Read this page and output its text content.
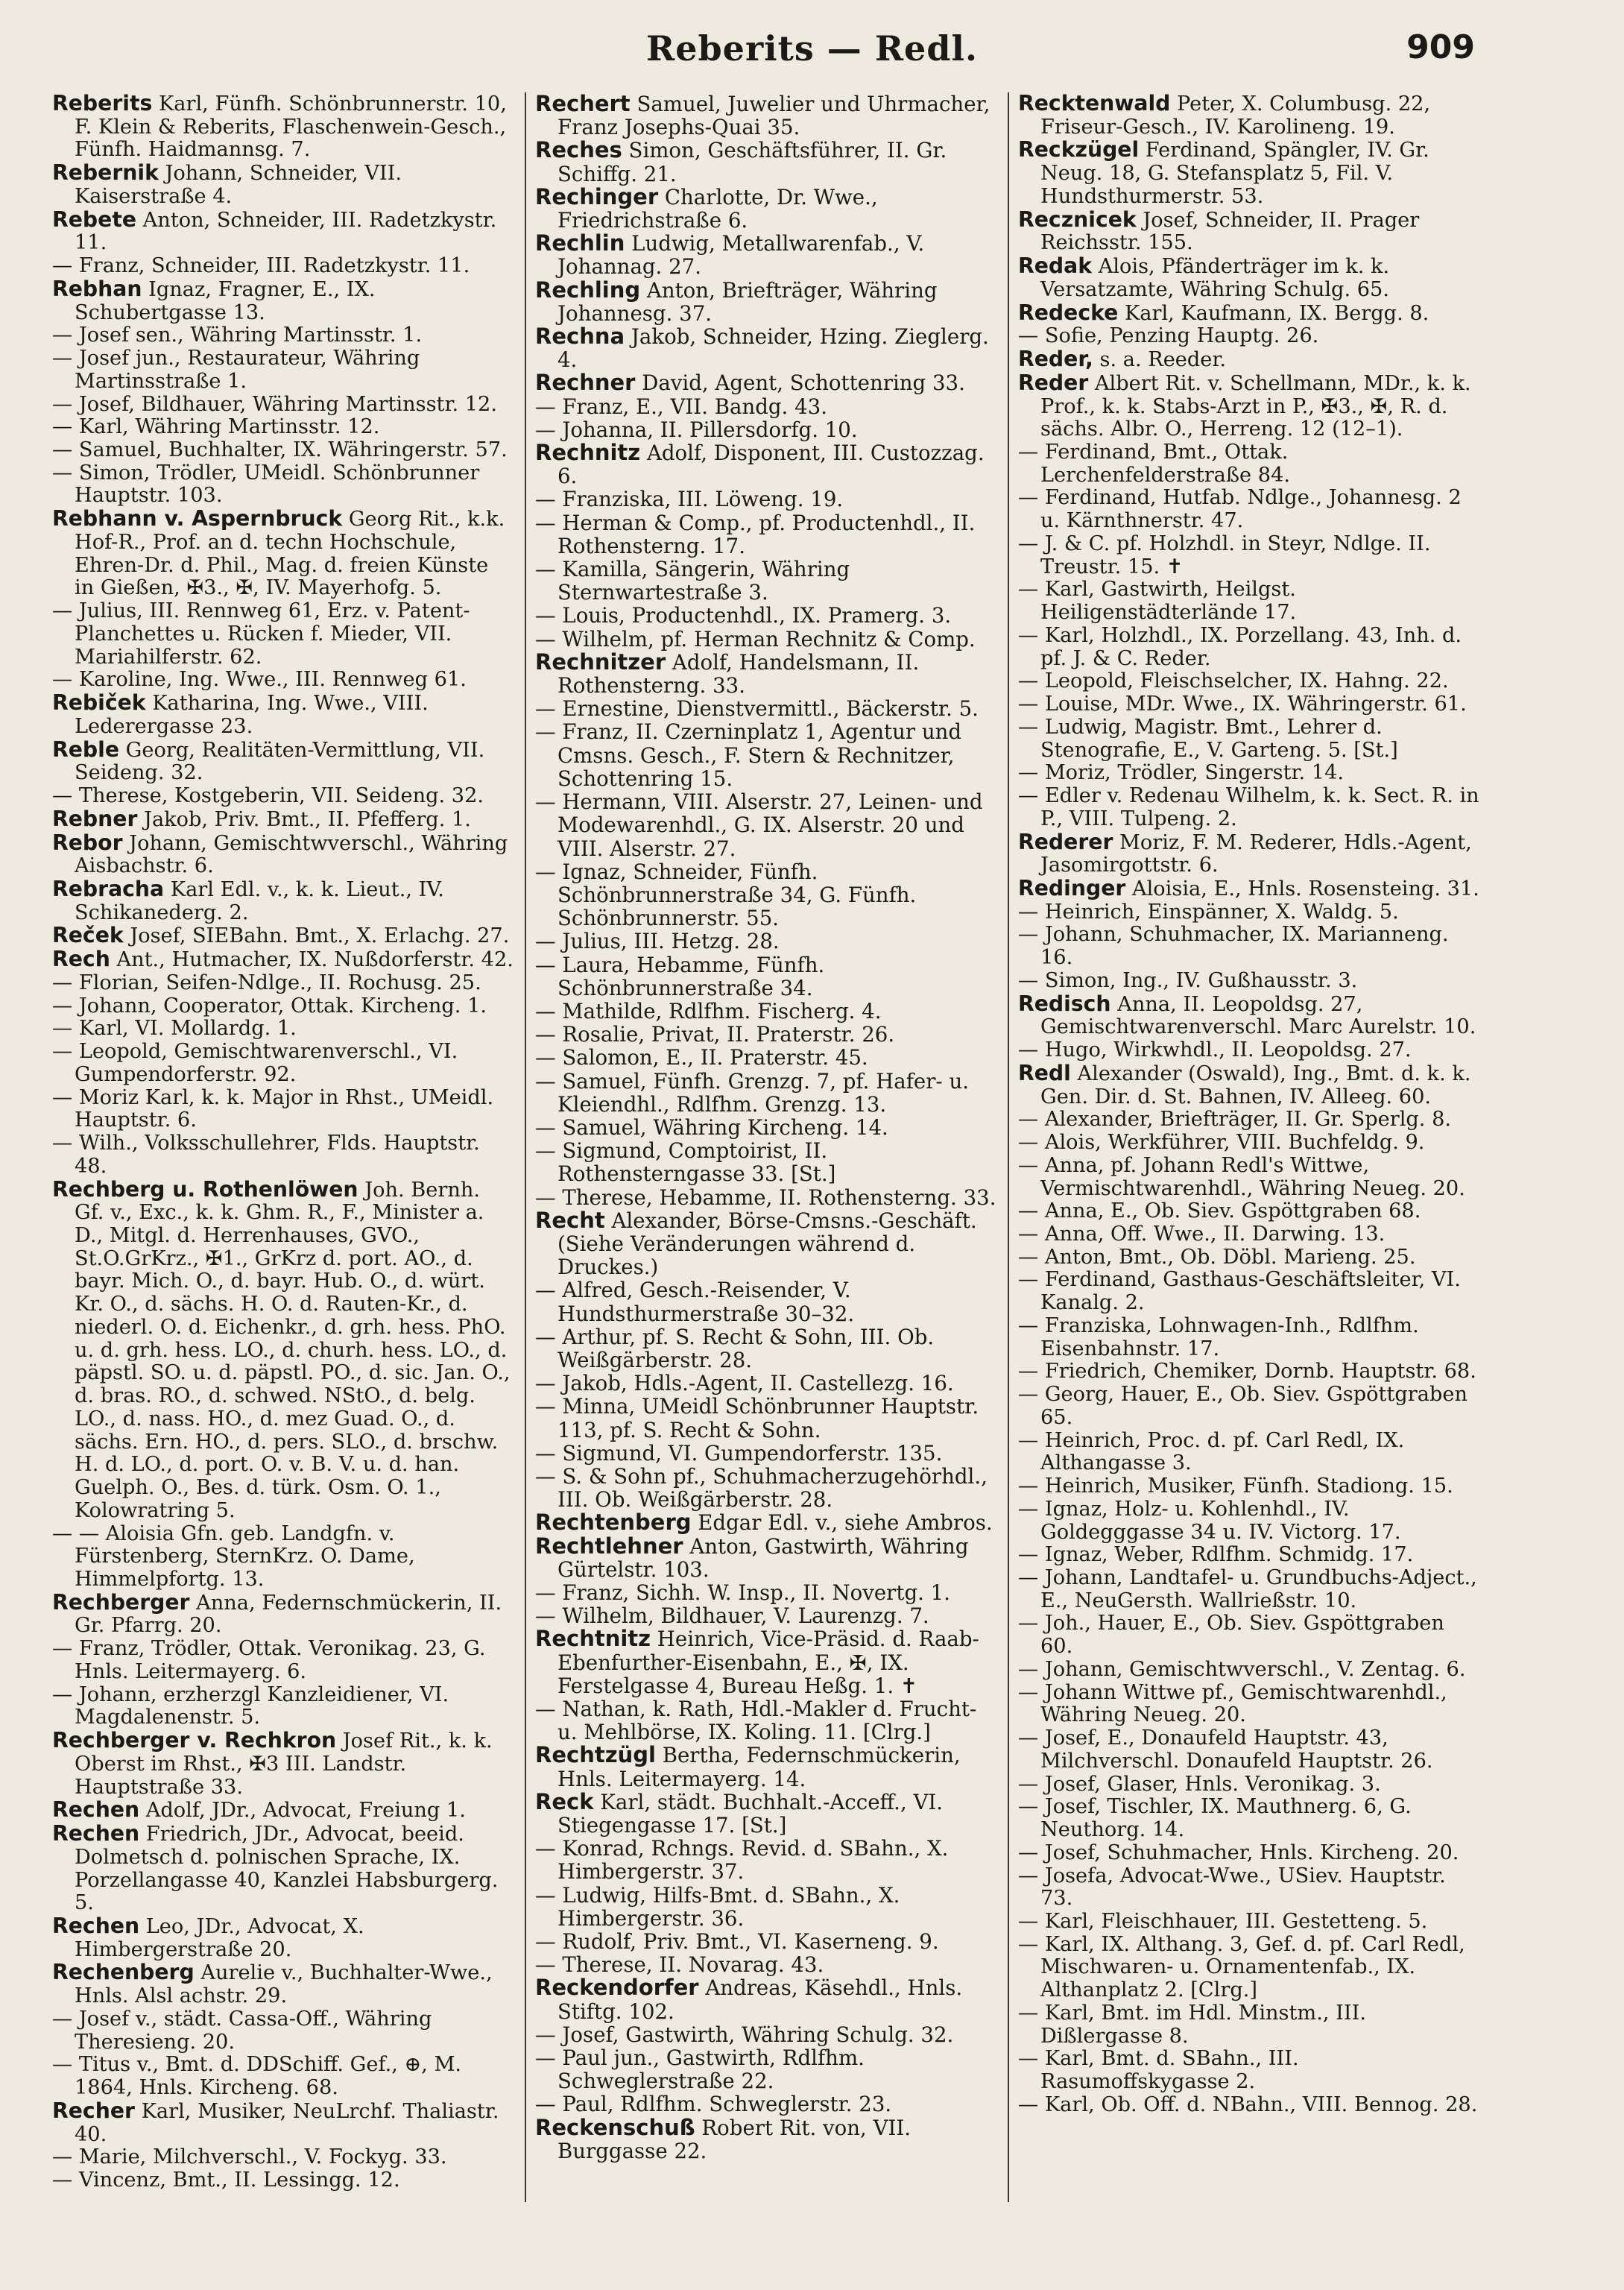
Reberits — Redl.	909

Reberits Karl, Fünfh. Schönbrunnerstr. 10, F. Klein & Reberits, Flaschenwein-Gesch., Fünfh. Haidmannsg. 7.

Rebernik Johann, Schneider, VII. Kaiserstraße 4.

Rebete Anton, Schneider, III. Radetzkystr. 11.

— Franz, Schneider, III. Radetzkystr. 11.

Rebhan Ignaz, Fragner, E., IX. Schubertgasse 13.

— Josef sen., Währing Martinsstr. 1.

— Josef jun., Restaurateur, Währing Martinsstraße 1.

— Josef, Bildhauer, Währing Martinsstr. 12.

— Karl, Währing Martinsstr. 12.

— Samuel, Buchhalter, IX. Währingerstr. 57.

— Simon, Trödler, UMeidl. Schönbrunner Hauptstr. 103.

Rebhann v. Aspernbruck Georg Rit., k.k. Hof-R., Prof. an d. techn Hochschule, Ehren-Dr. d. Phil., Mag. d. freien Künste in Gießen, ✠3., ✠, IV. Mayerhofg. 5.

— Julius, III. Rennweg 61, Erz. v. Patent-Planchettes u. Rücken f. Mieder, VII. Mariahilferstr. 62.

— Karoline, Ing. Wwe., III. Rennweg 61.

Rebiček Katharina, Ing. Wwe., VIII. Lederergasse 23.

Reble Georg, Realitäten-Vermittlung, VII. Seideng. 32.

— Therese, Kostgeberin, VII. Seideng. 32.

Rebner Jakob, Priv. Bmt., II. Pfefferg. 1.

Rebor Johann, Gemischtwverschl., Währing Aisbachstr. 6.

Rebracha Karl Edl. v., k. k. Lieut., IV. Schikanederg. 2.

Reček Josef, SIEBahn. Bmt., X. Erlachg. 27.

Rech Ant., Hutmacher, IX. Nußdorferstr. 42.

— Florian, Seifen-Ndlge., II. Rochusg. 25.

— Johann, Cooperator, Ottak. Kircheng. 1.

— Karl, VI. Mollardg. 1.

— Leopold, Gemischtwarenverschl., VI. Gumpendorferstr. 92.

— Moriz Karl, k. k. Major in Rhst., UMeidl. Hauptstr. 6.

— Wilh., Volksschullehrer, Flds. Hauptstr. 48.

Rechberg u. Rothenlöwen Joh. Bernh. Gf. v., Exc., k. k. Ghm. R., F., Minister a. D., Mitgl. d. Herrenhauses, GVO., St.O.GrKrz., ✠1., GrKrz d. port. AO., d. bayr. Mich. O., d. bayr. Hub. O., d. würt. Kr. O., d. sächs. H. O. d. Rauten-Kr., d. niederl. O. d. Eichenkr., d. grh. hess. PhO. u. d. grh. hess. LO., d. churh. hess. LO., d. päpstl. SO. u. d. päpstl. PO., d. sic. Jan. O., d. bras. RO., d. schwed. NStO., d. belg. LO., d. nass. HO., d. mez Guad. O., d. sächs. Ern. HO., d. pers. SLO., d. brschw. H. d. LO., d. port. O. v. B. V. u. d. han. Guelph. O., Bes. d. türk. Osm. O. 1., Kolowratring 5.

— — Aloisia Gfn. geb. Landgfn. v. Fürstenberg, SternKrz. O. Dame, Himmelpfortg. 13.

Rechberger Anna, Federnschmückerin, II. Gr. Pfarrg. 20.

— Franz, Trödler, Ottak. Veronikag. 23, G. Hnls. Leitermayerg. 6.

— Johann, erzherzgl Kanzleidiener, VI. Magdalenenstr. 5.

Rechberger v. Rechkron Josef Rit., k. k. Oberst im Rhst., ✠3 III. Landstr. Hauptstraße 33.

Rechen Adolf, JDr., Advocat, Freiung 1.

Rechen Friedrich, JDr., Advocat, beeid. Dolmetsch d. polnischen Sprache, IX. Porzellangasse 40, Kanzlei Habsburgerg. 5.

Rechen Leo, JDr., Advocat, X. Himbergerstraße 20.

Rechenberg Aurelie v., Buchhalter-Wwe., Hnls. Alsl achstr. 29.

— Josef v., städt. Cassa-Off., Währing Theresieng. 20.

— Titus v., Bmt. d. DDSchiff. Gef., ⊕, M. 1864, Hnls. Kircheng. 68.

Recher Karl, Musiker, NeuLrchf. Thaliastr. 40.

— Marie, Milchverschl., V. Fockyg. 33.

— Vincenz, Bmt., II. Lessingg. 12.

Rechert Samuel, Juwelier und Uhrmacher, Franz Josephs-Quai 35.

Reches Simon, Geschäftsführer, II. Gr. Schiffg. 21.

Rechinger Charlotte, Dr. Wwe., Friedrichstraße 6.

Rechlin Ludwig, Metallwarenfab., V. Johannag. 27.

Rechling Anton, Briefträger, Währing Johannesg. 37.

Rechna Jakob, Schneider, Hzing. Zieglerg. 4.

Rechner David, Agent, Schottenring 33.

— Franz, E., VII. Bandg. 43.

— Johanna, II. Pillersdorfg. 10.

Rechnitz Adolf, Disponent, III. Custozzag. 6.

— Franziska, III. Löweng. 19.

— Herman & Comp., pf. Productenhdl., II. Rothensterng. 17.

— Kamilla, Sängerin, Währing Sternwartestraße 3.

— Louis, Productenhdl., IX. Pramerg. 3.

— Wilhelm, pf. Herman Rechnitz & Comp.

Rechnitzer Adolf, Handelsmann, II. Rothensterng. 33.

— Ernestine, Dienstvermittl., Bäckerstr. 5.

— Franz, II. Czerninplatz 1, Agentur und Cmsns. Gesch., F. Stern & Rechnitzer, Schottenring 15.

— Hermann, VIII. Alserstr. 27, Leinen- und Modewarenhdl., G. IX. Alserstr. 20 und VIII. Alserstr. 27.

— Ignaz, Schneider, Fünfh. Schönbrunnerstraße 34, G. Fünfh. Schönbrunnerstr. 55.

— Julius, III. Hetzg. 28.

— Laura, Hebamme, Fünfh. Schönbrunnerstraße 34.

— Mathilde, Rdlfhm. Fischerg. 4.

— Rosalie, Privat, II. Praterstr. 26.

— Salomon, E., II. Praterstr. 45.

— Samuel, Fünfh. Grenzg. 7, pf. Hafer- u. Kleiendhl., Rdlfhm. Grenzg. 13.

— Samuel, Währing Kircheng. 14.

— Sigmund, Comptoirist, II. Rothensterngasse 33. [St.]

— Therese, Hebamme, II. Rothensterng. 33.

Recht Alexander, Börse-Cmsns.-Geschäft. (Siehe Veränderungen während d. Druckes.)

— Alfred, Gesch.-Reisender, V. Hundsthurmerstraße 30–32.

— Arthur, pf. S. Recht & Sohn, III. Ob. Weißgärberstr. 28.

— Jakob, Hdls.-Agent, II. Castellezg. 16.

— Minna, UMeidl Schönbrunner Hauptstr. 113, pf. S. Recht & Sohn.

— Sigmund, VI. Gumpendorferstr. 135.

— S. & Sohn pf., Schuhmacherzugehörhdl., III. Ob. Weißgärberstr. 28.

Rechtenberg Edgar Edl. v., siehe Ambros.

Rechtlehner Anton, Gastwirth, Währing Gürtelstr. 103.

— Franz, Sichh. W. Insp., II. Novertg. 1.

— Wilhelm, Bildhauer, V. Laurenzg. 7.

Rechtnitz Heinrich, Vice-Präsid. d. Raab-Ebenfurther-Eisenbahn, E., ✠, IX. Ferstelgasse 4, Bureau Heßg. 1. ✝

— Nathan, k. Rath, Hdl.-Makler d. Frucht- u. Mehlbörse, IX. Koling. 11. [Clrg.]

Rechtzügl Bertha, Federnschmückerin, Hnls. Leitermayerg. 14.

Reck Karl, städt. Buchhalt.-Acceff., VI. Stiegengasse 17. [St.]

— Konrad, Rchngs. Revid. d. SBahn., X. Himbergerstr. 37.

— Ludwig, Hilfs-Bmt. d. SBahn., X. Himbergerstr. 36.

— Rudolf, Priv. Bmt., VI. Kaserneng. 9.

— Therese, II. Novarag. 43.

Reckendorfer Andreas, Käsehdl., Hnls. Stiftg. 102.

— Josef, Gastwirth, Währing Schulg. 32.

— Paul jun., Gastwirth, Rdlfhm. Schweglerstraße 22.

— Paul, Rdlfhm. Schweglerstr. 23.

Reckenschuß Robert Rit. von, VII. Burggasse 22.

Recktenwald Peter, X. Columbusg. 22, Friseur-Gesch., IV. Karolineng. 19.

Reckzügel Ferdinand, Spängler, IV. Gr. Neug. 18, G. Stefansplatz 5, Fil. V. Hundsthurmerstr. 53.

Recznicek Josef, Schneider, II. Prager Reichsstr. 155.

Redak Alois, Pfänderträger im k. k. Versatzamte, Währing Schulg. 65.

Redecke Karl, Kaufmann, IX. Bergg. 8.

— Sofie, Penzing Hauptg. 26.

Reder, s. a. Reeder.

Reder Albert Rit. v. Schellmann, MDr., k. k. Prof., k. k. Stabs-Arzt in P., ✠3., ✠, R. d. sächs. Albr. O., Herreng. 12 (12–1).

— Ferdinand, Bmt., Ottak. Lerchenfelderstraße 84.

— Ferdinand, Hutfab. Ndlge., Johannesg. 2 u. Kärnthnerstr. 47.

— J. & C. pf. Holzhdl. in Steyr, Ndlge. II. Treustr. 15. ✝

— Karl, Gastwirth, Heilgst. Heiligenstädterlände 17.

— Karl, Holzhdl., IX. Porzellang. 43, Inh. d. pf. J. & C. Reder.

— Leopold, Fleischselcher, IX. Hahng. 22.

— Louise, MDr. Wwe., IX. Währingerstr. 61.

— Ludwig, Magistr. Bmt., Lehrer d. Stenografie, E., V. Garteng. 5. [St.]

— Moriz, Trödler, Singerstr. 14.

— Edler v. Redenau Wilhelm, k. k. Sect. R. in P., VIII. Tulpeng. 2.

Rederer Moriz, F. M. Rederer, Hdls.-Agent, Jasomirgottstr. 6.

Redinger Aloisia, E., Hnls. Rosensteing. 31.

— Heinrich, Einspänner, X. Waldg. 5.

— Johann, Schuhmacher, IX. Marianneng. 16.

— Simon, Ing., IV. Gußhausstr. 3.

Redisch Anna, II. Leopoldsg. 27, Gemischtwarenverschl. Marc Aurelstr. 10.

— Hugo, Wirkwhdl., II. Leopoldsg. 27.

Redl Alexander (Oswald), Ing., Bmt. d. k. k. Gen. Dir. d. St. Bahnen, IV. Alleeg. 60.

— Alexander, Briefträger, II. Gr. Sperlg. 8.

— Alois, Werkführer, VIII. Buchfeldg. 9.

— Anna, pf. Johann Redl's Wittwe, Vermischtwarenhdl., Währing Neueg. 20.

— Anna, E., Ob. Siev. Gspöttgraben 68.

— Anna, Off. Wwe., II. Darwing. 13.

— Anton, Bmt., Ob. Döbl. Marieng. 25.

— Ferdinand, Gasthaus-Geschäftsleiter, VI. Kanalg. 2.

— Franziska, Lohnwagen-Inh., Rdlfhm. Eisenbahnstr. 17.

— Friedrich, Chemiker, Dornb. Hauptstr. 68.

— Georg, Hauer, E., Ob. Siev. Gspöttgraben 65.

— Heinrich, Proc. d. pf. Carl Redl, IX. Althangasse 3.

— Heinrich, Musiker, Fünfh. Stadiong. 15.

— Ignaz, Holz- u. Kohlenhdl., IV. Goldegggasse 34 u. IV. Victorg. 17.

— Ignaz, Weber, Rdlfhm. Schmidg. 17.

— Johann, Landtafel- u. Grundbuchs-Adject., E., NeuGersth. Wallrießstr. 10.

— Joh., Hauer, E., Ob. Siev. Gspöttgraben 60.

— Johann, Gemischtwverschl., V. Zentag. 6.

— Johann Wittwe pf., Gemischtwarenhdl., Währing Neueg. 20.

— Josef, E., Donaufeld Hauptstr. 43, Milchverschl. Donaufeld Hauptstr. 26.

— Josef, Glaser, Hnls. Veronikag. 3.

— Josef, Tischler, IX. Mauthnerg. 6, G. Neuthorg. 14.

— Josef, Schuhmacher, Hnls. Kircheng. 20.

— Josefa, Advocat-Wwe., USiev. Hauptstr. 73.

— Karl, Fleischhauer, III. Gestetteng. 5.

— Karl, IX. Althang. 3, Gef. d. pf. Carl Redl, Mischwaren- u. Ornamentenfab., IX. Althanplatz 2. [Clrg.]

— Karl, Bmt. im Hdl. Minstm., III. Dißlergasse 8.

— Karl, Bmt. d. SBahn., III. Rasumoffskygasse 2.

— Karl, Ob. Off. d. NBahn., VIII. Bennog. 28.
